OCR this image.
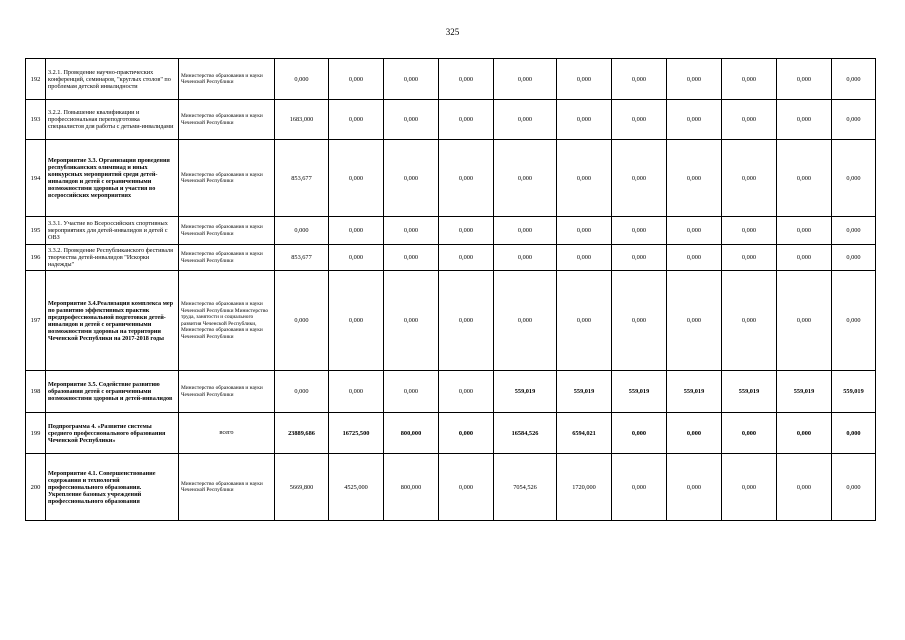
325
192	3.2.1. Проведение научно-практических конференций, семинаров, "круглых столов" по проблемам детской инвалидности	Министерство образования и науки Чеченской Республики	0,000	0,000	0,000	0,000	0,000	0,000	0,000	0,000	0,000	0,000	0,000
193	3.2.2. Повышение квалификации и профессиональная переподготовка специалистов для работы с детьми-инвалидами	Министерство образования и науки Чеченской Республики	1683,000	0,000	0,000	0,000	0,000	0,000	0,000	0,000	0,000	0,000	0,000
194	Мероприятие 3.3. Организация проведения республиканских олимпиад и иных конкурсных мероприятий среди детей-инвалидов и детей с ограниченными возможностями здоровья и участия во всероссийских мероприятиях	Министерство образования и науки Чеченской Республики	853,677	0,000	0,000	0,000	0,000	0,000	0,000	0,000	0,000	0,000	0,000
195	3.3.1. Участие во Всероссийских спортивных мероприятиях для детей-инвалидов и детей с ОВЗ	Министерство образования и науки Чеченской Республики	0,000	0,000	0,000	0,000	0,000	0,000	0,000	0,000	0,000	0,000	0,000
196	3.3.2. Проведение Республиканского фестиваля творчества детей-инвалидов "Искорки надежды"	Министерство образования и науки Чеченской Республики	853,677	0,000	0,000	0,000	0,000	0,000	0,000	0,000	0,000	0,000	0,000
197	Мероприятие 3.4.Реализация комплекса мер по развитию эффективных практик предпрофессиональной подготовки детей-инвалидов и детей с ограниченными возможностями здоровья на территории Чеченской Республики на 2017-2018 годы	Министерство образования и науки Чеченской Республики Министерство труда, занятости и социального развития Чеченской Республики, Министерство образования и науки Чеченской Республики	0,000	0,000	0,000	0,000	0,000	0,000	0,000	0,000	0,000	0,000	0,000
198	Мероприятие 3.5. Содействие развитию образования детей с ограниченными возможностями здоровья и детей-инвалидов	Министерство образования и науки Чеченской Республики	0,000	0,000	0,000	0,000	559,019	559,019	559,019	559,019	559,019	559,019	559,019
199	Подпрограмма 4. «Развитие системы среднего профессионального образования Чеченской Республики»	всего	23889,686	16725,500	800,000	0,000	16584,526	6594,021	0,000	0,000	0,000	0,000	0,000
200	Мероприятие 4.1. Совершенствование содержания и технологий профессионального образования. Укрепление базовых учреждений профессионального образования	Министерство образования и науки Чеченской Республики	5669,800	4525,000	800,000	0,000	7054,526	1720,000	0,000	0,000	0,000	0,000	0,000
